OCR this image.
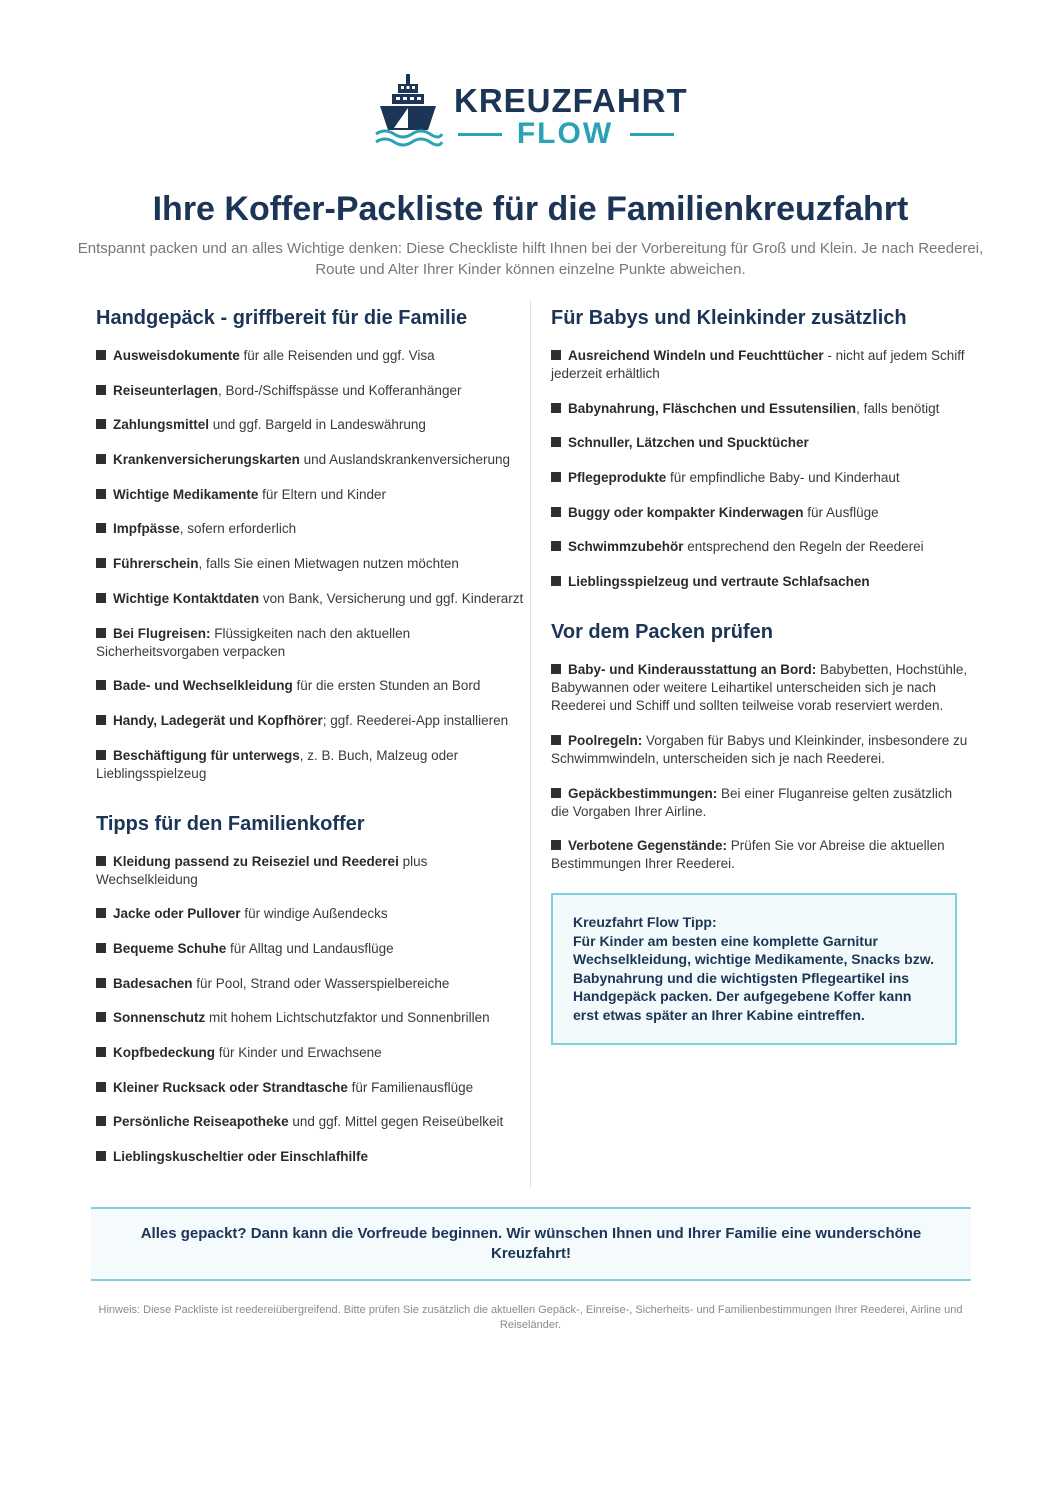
KREUZFAHRT
FLOW
Ihre Koffer-Packliste für die Familienkreuzfahrt

Entspannt packen und an alles Wichtige denken: Diese Checkliste hilft Ihnen bei der Vorbereitung für Groß und Klein. Je nach Reederei, Route und Alter Ihrer Kinder können einzelne Punkte abweichen.

Handgepäck - griffbereit für die Familie
Ausweisdokumente für alle Reisenden und ggf. Visa
Reiseunterlagen, Bord-/Schiffspässe und Kofferanhänger
Zahlungsmittel und ggf. Bargeld in Landeswährung
Krankenversicherungskarten und Auslandskrankenversicherung
Wichtige Medikamente für Eltern und Kinder
Impfpässe, sofern erforderlich
Führerschein, falls Sie einen Mietwagen nutzen möchten
Wichtige Kontaktdaten von Bank, Versicherung und ggf. Kinderarzt
Bei Flugreisen: Flüssigkeiten nach den aktuellen Sicherheitsvorgaben verpacken
Bade- und Wechselkleidung für die ersten Stunden an Bord
Handy, Ladegerät und Kopfhörer; ggf. Reederei-App installieren
Beschäftigung für unterwegs, z. B. Buch, Malzeug oder Lieblingsspielzeug
Tipps für den Familienkoffer
Kleidung passend zu Reiseziel und Reederei plus Wechselkleidung
Jacke oder Pullover für windige Außendecks
Bequeme Schuhe für Alltag und Landausflüge
Badesachen für Pool, Strand oder Wasserspielbereiche
Sonnenschutz mit hohem Lichtschutzfaktor und Sonnenbrillen
Kopfbedeckung für Kinder und Erwachsene
Kleiner Rucksack oder Strandtasche für Familienausflüge
Persönliche Reiseapotheke und ggf. Mittel gegen Reiseübelkeit
Lieblingskuscheltier oder Einschlafhilfe
Für Babys und Kleinkinder zusätzlich
Ausreichend Windeln und Feuchttücher - nicht auf jedem Schiff jederzeit erhältlich
Babynahrung, Fläschchen und Essutensilien, falls benötigt
Schnuller, Lätzchen und Spucktücher
Pflegeprodukte für empfindliche Baby- und Kinderhaut
Buggy oder kompakter Kinderwagen für Ausflüge
Schwimmzubehör entsprechend den Regeln der Reederei
Lieblingsspielzeug und vertraute Schlafsachen
Vor dem Packen prüfen
Baby- und Kinderausstattung an Bord: Babybetten, Hochstühle, Babywannen oder weitere Leihartikel unterscheiden sich je nach Reederei und Schiff und sollten teilweise vorab reserviert werden.
Poolregeln: Vorgaben für Babys und Kleinkinder, insbesondere zu Schwimmwindeln, unterscheiden sich je nach Reederei.
Gepäckbestimmungen: Bei einer Fluganreise gelten zusätzlich die Vorgaben Ihrer Airline.
Verbotene Gegenstände: Prüfen Sie vor Abreise die aktuellen Bestimmungen Ihrer Reederei.

Kreuzfahrt Flow Tipp:

Für Kinder am besten eine komplette Garnitur Wechselkleidung, wichtige Medikamente, Snacks bzw. Babynahrung und die wichtigsten Pflegeartikel ins Handgepäck packen. Der aufgegebene Koffer kann erst etwas später an Ihrer Kabine eintreffen.

Alles gepackt? Dann kann die Vorfreude beginnen. Wir wünschen Ihnen und Ihrer Familie eine wunderschöne Kreuzfahrt!

Hinweis: Diese Packliste ist reedereiübergreifend. Bitte prüfen Sie zusätzlich die aktuellen Gepäck-, Einreise-, Sicherheits- und Familienbestimmungen Ihrer Reederei, Airline und Reiseländer.
